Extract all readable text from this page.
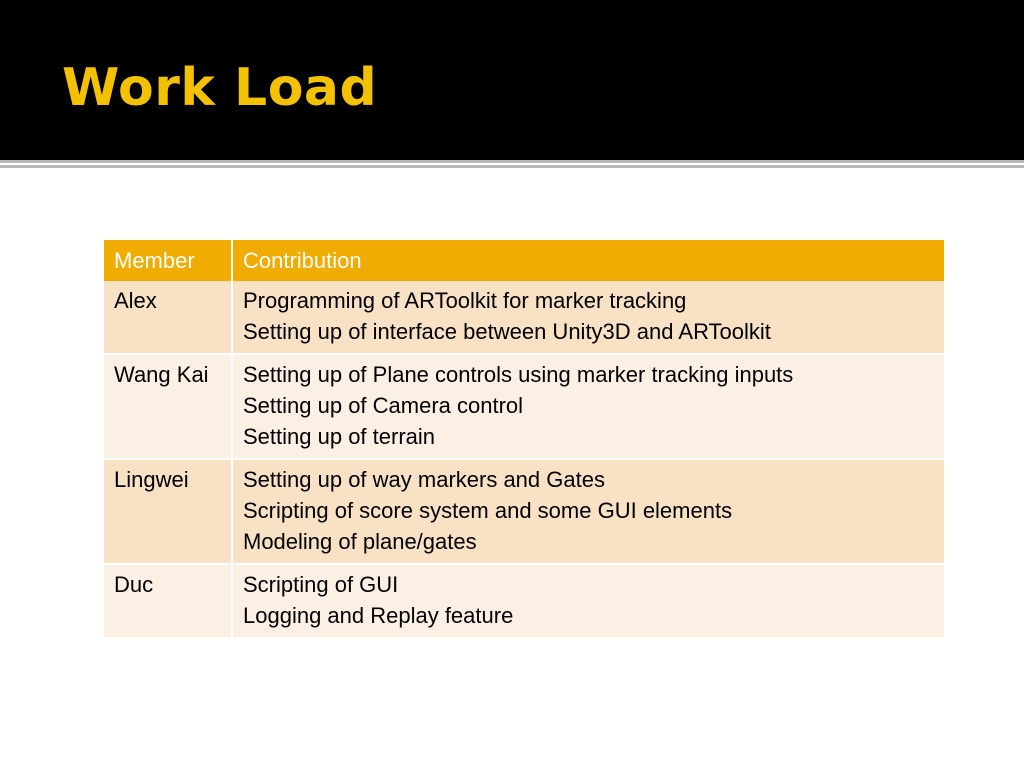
Work Load
Member	Contribution
Alex	Programming of ARToolkit for marker tracking
Setting up of interface between Unity3D and ARToolkit

Wang Kai	Setting up of Plane controls using marker tracking inputs
Setting up of Camera control
Setting up of terrain

Lingwei	Setting up of way markers and Gates
Scripting of score system and some GUI elements
Modeling of plane/gates

Duc	Scripting of GUI
Logging and Replay feature
